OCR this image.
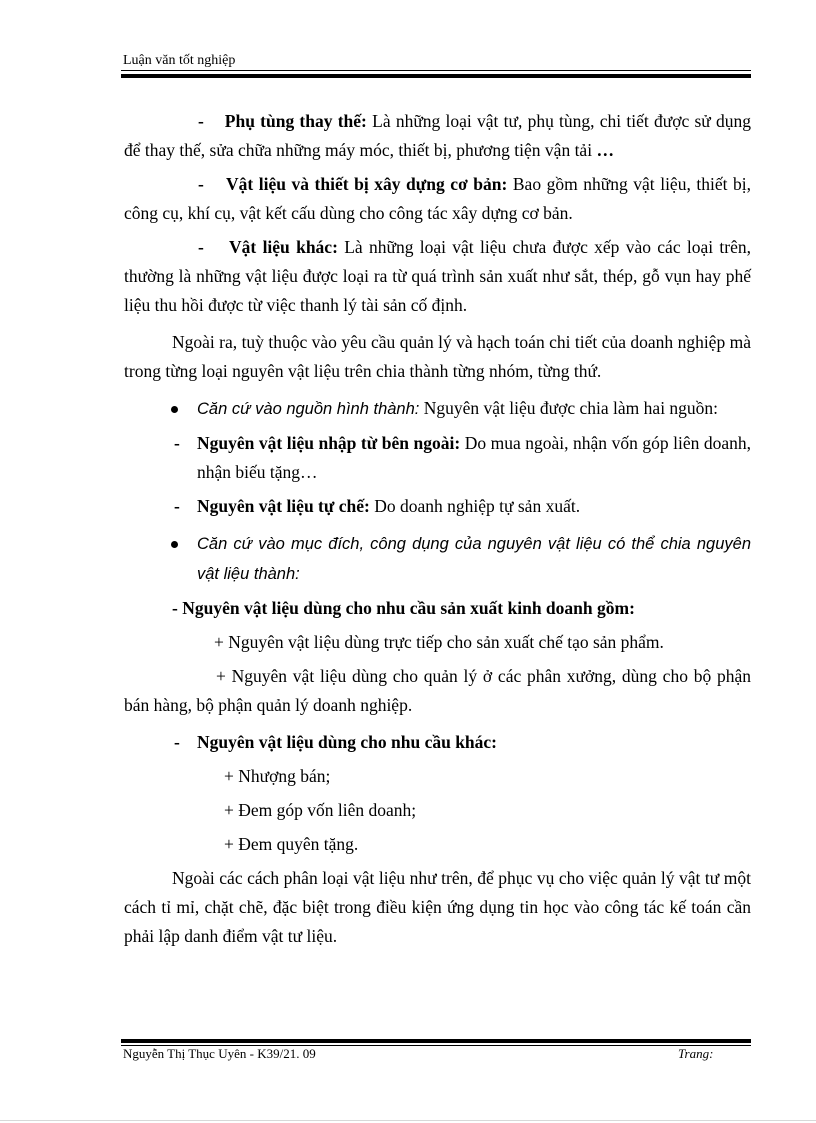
Luận văn tốt nghiệp

- Phụ tùng thay thế: Là những loại vật tư, phụ tùng, chi tiết được sử dụng để thay thế, sửa chữa những máy móc, thiết bị, phương tiện vận tải …

- Vật liệu và thiết bị xây dựng cơ bản: Bao gồm những vật liệu, thiết bị, công cụ, khí cụ, vật kết cấu dùng cho công tác xây dựng cơ bản.

- Vật liệu khác: Là những loại vật liệu chưa được xếp vào các loại trên, thường là những vật liệu được loại ra từ quá trình sản xuất như sắt, thép, gỗ vụn hay phế liệu thu hồi được từ việc thanh lý tài sản cố định.

Ngoài ra, tuỳ thuộc vào yêu cầu quản lý và hạch toán chi tiết của doanh nghiệp mà trong từng loại nguyên vật liệu trên chia thành từng nhóm, từng thứ.

Căn cứ vào nguồn hình thành: Nguyên vật liệu được chia làm hai nguồn:

- Nguyên vật liệu nhập từ bên ngoài: Do mua ngoài, nhận vốn góp liên doanh, nhận biếu tặng…

- Nguyên vật liệu tự chế: Do doanh nghiệp tự sản xuất.

Căn cứ vào mục đích, công dụng của nguyên vật liệu có thể chia nguyên vật liệu thành:

- Nguyên vật liệu dùng cho nhu cầu sản xuất kinh doanh gồm:

+ Nguyên vật liệu dùng trực tiếp cho sản xuất chế tạo sản phẩm.

+ Nguyên vật liệu dùng cho quản lý ở các phân xưởng, dùng cho bộ phận bán hàng, bộ phận quản lý doanh nghiệp.

- Nguyên vật liệu dùng cho nhu cầu khác:

+ Nhượng bán;

+ Đem góp vốn liên doanh;

+ Đem quyên tặng.

Ngoài các cách phân loại vật liệu như trên, để phục vụ cho việc quản lý vật tư một cách tỉ mỉ, chặt chẽ, đặc biệt trong điều kiện ứng dụng tin học vào công tác kế toán cần phải lập danh điểm vật tư liệu.

Nguyễn Thị Thục Uyên - K39/21. 09	Trang:
